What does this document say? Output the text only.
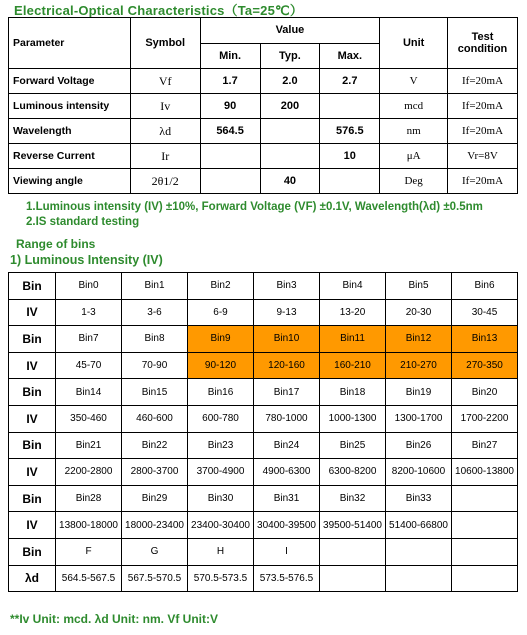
Electrical-Optical Characteristics（Ta=25℃）
Parameter	Symbol	Value			Unit	Test condition
		Min.	Typ.	Max.		
Forward Voltage	Vf	1.7	2.0	2.7	V	If=20mA
Luminous intensity	Iv	90	200		mcd	If=20mA
Wavelength	λd	564.5		576.5	nm	If=20mA
Reverse Current	Ir			10	μA	Vr=8V
Viewing angle	2θ1/2		40		Deg	If=20mA
1.Luminous intensity (IV) ±10%, Forward Voltage (VF) ±0.1V, Wavelength(λd) ±0.5nm
2.IS standard testing
Range of bins
1) Luminous Intensity (IV)
Bin	Bin0	Bin1	Bin2	Bin3	Bin4	Bin5	Bin6
IV	1-3	3-6	6-9	9-13	13-20	20-30	30-45
Bin	Bin7	Bin8	Bin9	Bin10	Bin11	Bin12	Bin13
IV	45-70	70-90	90-120	120-160	160-210	210-270	270-350
Bin	Bin14	Bin15	Bin16	Bin17	Bin18	Bin19	Bin20
IV	350-460	460-600	600-780	780-1000	1000-1300	1300-1700	1700-2200
Bin	Bin21	Bin22	Bin23	Bin24	Bin25	Bin26	Bin27
IV	2200-2800	2800-3700	3700-4900	4900-6300	6300-8200	8200-10600	10600-13800
Bin	Bin28	Bin29	Bin30	Bin31	Bin32	Bin33	
IV	13800-18000	18000-23400	23400-30400	30400-39500	39500-51400	51400-66800	
Bin	F	G	H	I			
λd	564.5-567.5	567.5-570.5	570.5-573.5	573.5-576.5			
**Iv Unit: mcd. λd Unit: nm. Vf Unit:V
